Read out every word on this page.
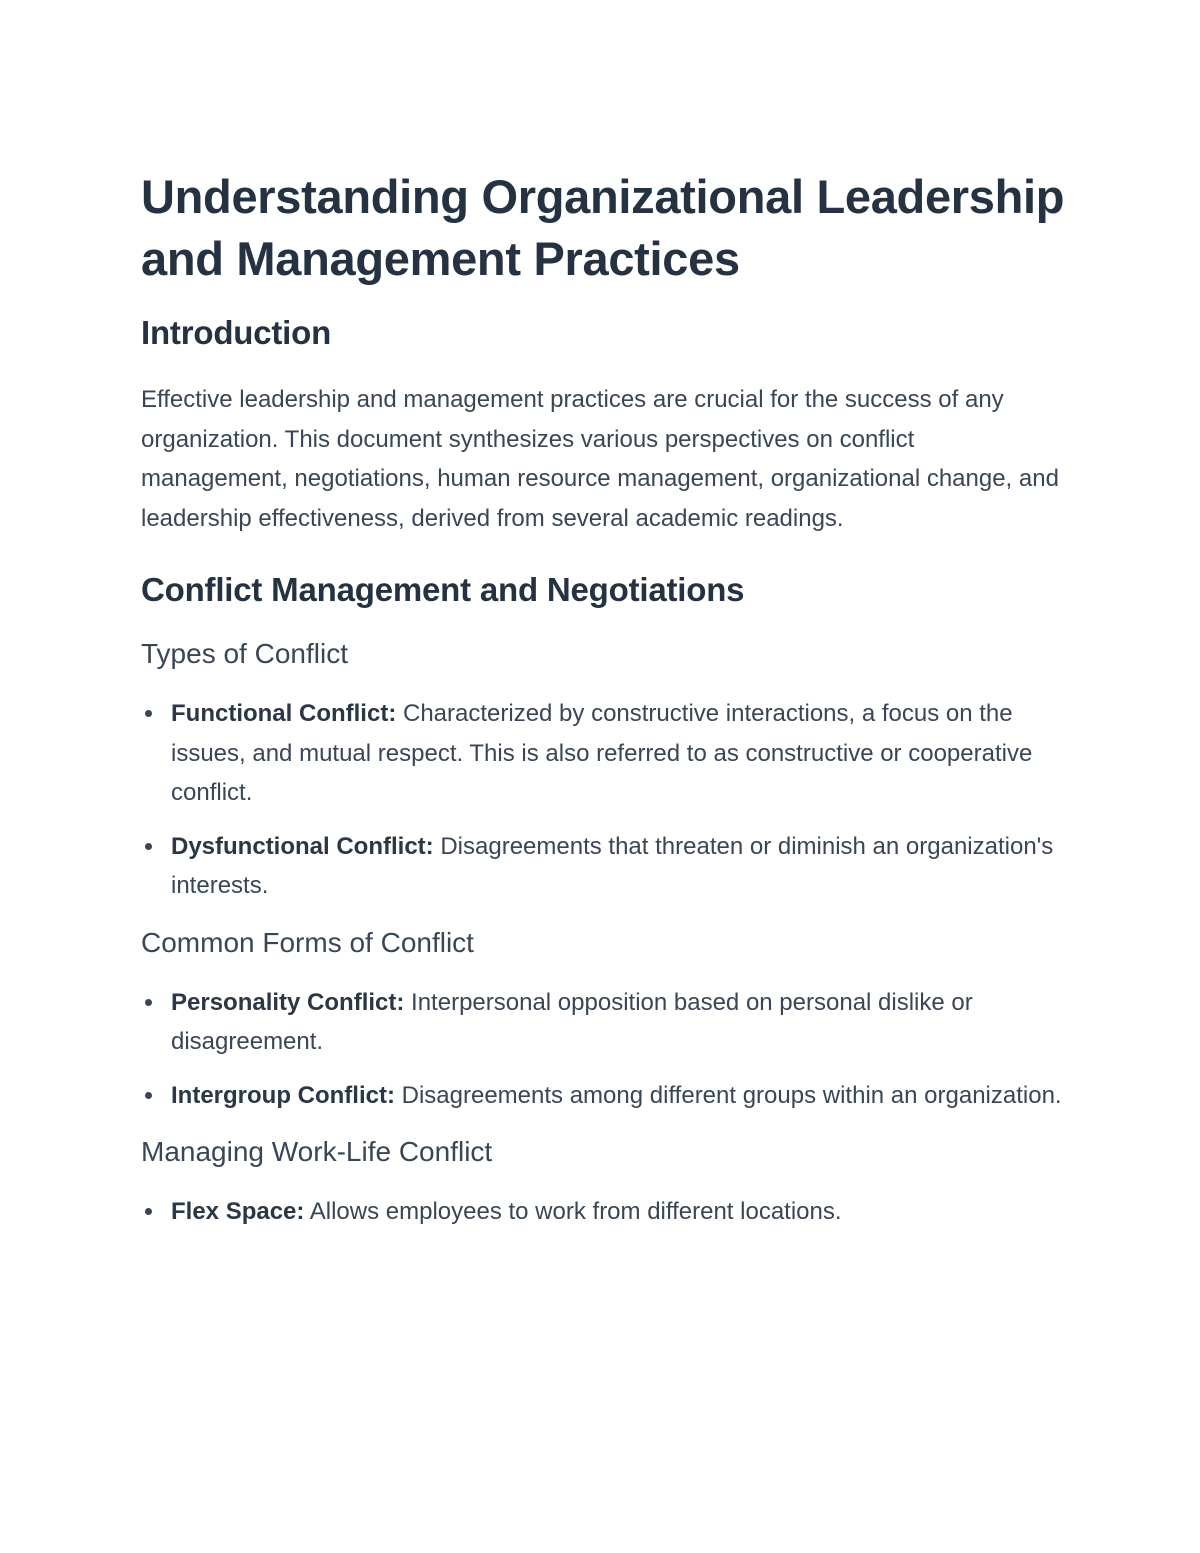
Understanding Organizational Leadership and Management Practices
Introduction

Effective leadership and management practices are crucial for the success of any organization. This document synthesizes various perspectives on conflict management, negotiations, human resource management, organizational change, and leadership effectiveness, derived from several academic readings.

Conflict Management and Negotiations
Types of Conflict
Functional Conflict: Characterized by constructive interactions, a focus on the issues, and mutual respect. This is also referred to as constructive or cooperative conflict.
Dysfunctional Conflict: Disagreements that threaten or diminish an organization's interests.
Common Forms of Conflict
Personality Conflict: Interpersonal opposition based on personal dislike or disagreement.
Intergroup Conflict: Disagreements among different groups within an organization.
Managing Work-Life Conflict
Flex Space: Allows employees to work from different locations.
